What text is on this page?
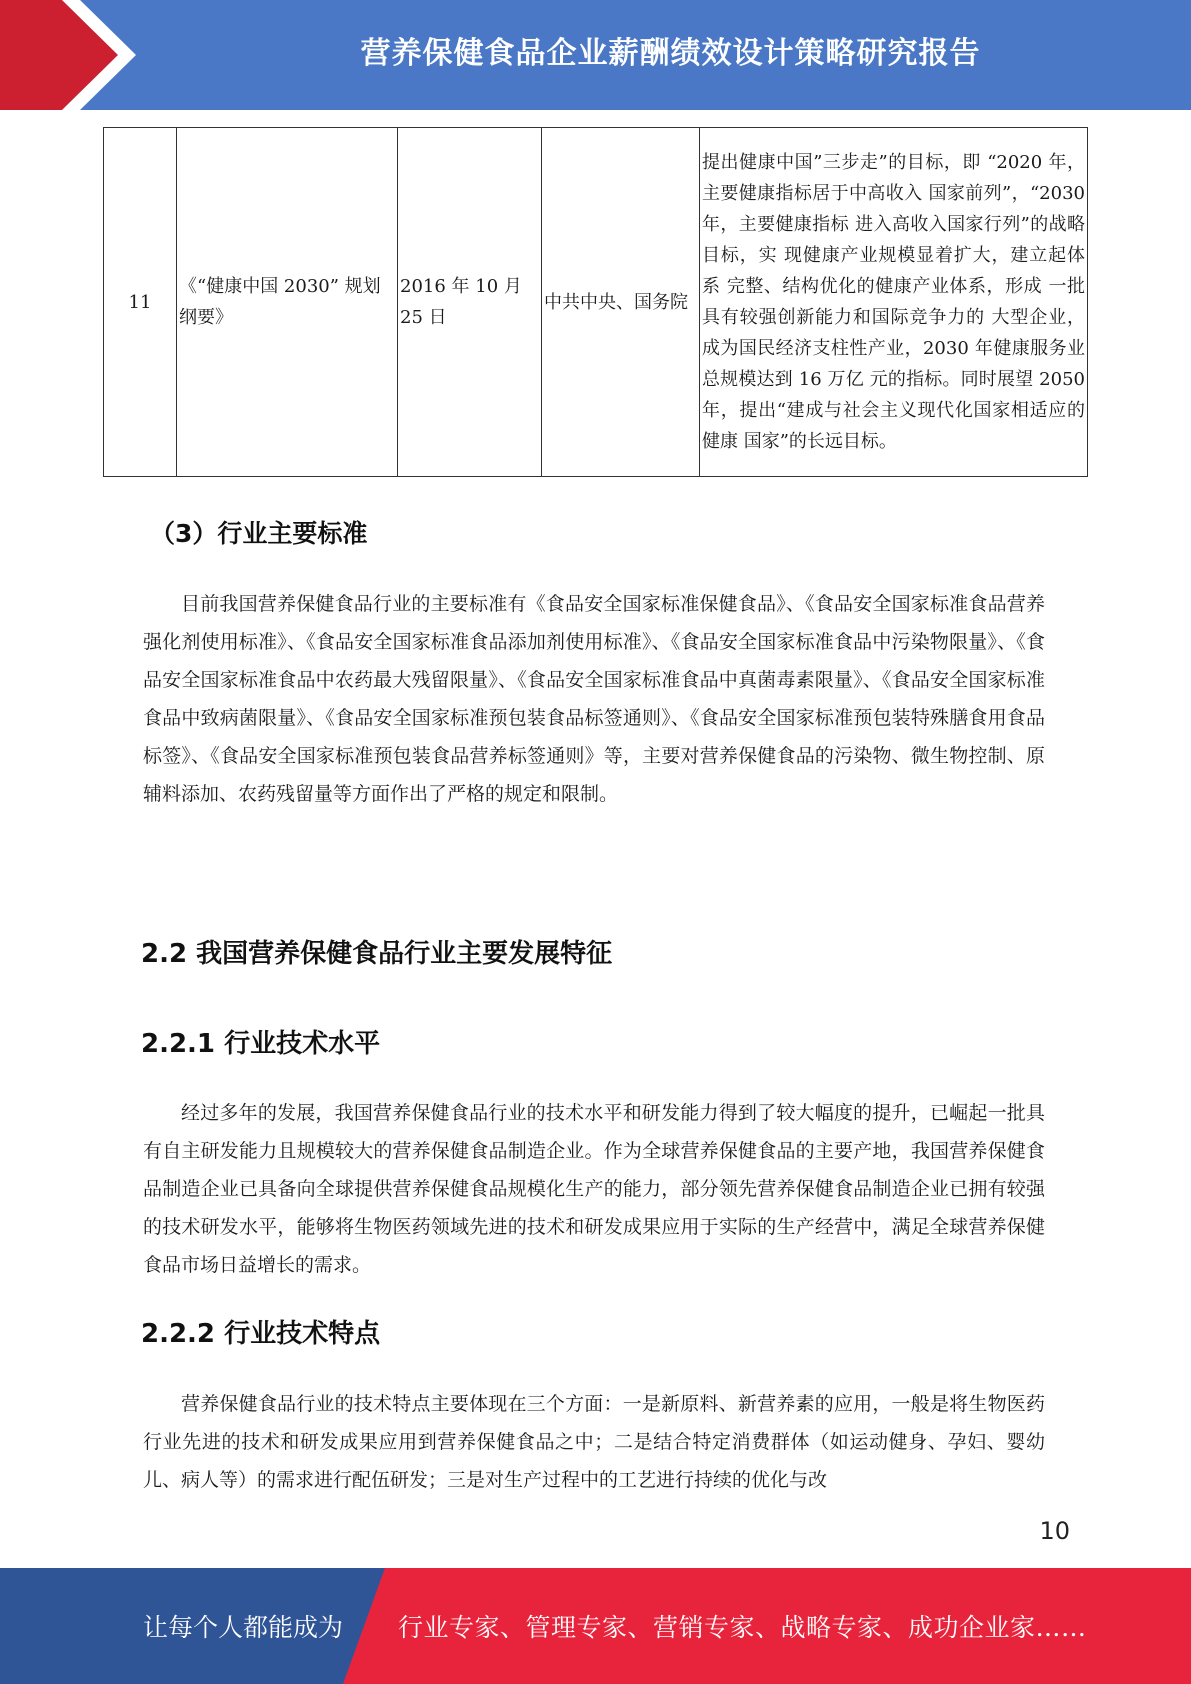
营养保健食品企业薪酬绩效设计策略研究报告
11	《“健康中国 2030” 规划纲要》	2016 年 10 月 25 日	中共中央、国务院	提出健康中国”三步走”的目标，即 “2020 年，主要健康指标居于中高收入 国家前列”，“2030 年，主要健康指标 进入高收入国家行列”的战略目标，实 现健康产业规模显着扩大，建立起体系 完整、结构优化的健康产业体系，形成 一批具有较强创新能力和国际竞争力的 大型企业，成为国民经济支柱性产业，2030 年健康服务业总规模达到 16 万亿 元的指标。同时展望 2050 年，提出“建成与社会主义现代化国家相适应的健康 国家”的长远目标。
（3）行业主要标准

目前我国营养保健食品行业的主要标准有《食品安全国家标准保健食品》、《食品安全国家标准食品营养强化剂使用标准》、《食品安全国家标准食品添加剂使用标准》、《食品安全国家标准食品中污染物限量》、《食品安全国家标准食品中农药最大残留限量》、《食品安全国家标准食品中真菌毒素限量》、《食品安全国家标准食品中致病菌限量》、《食品安全国家标准预包装食品标签通则》、《食品安全国家标准预包装特殊膳食用食品标签》、《食品安全国家标准预包装食品营养标签通则》等，主要对营养保健食品的污染物、微生物控制、原辅料添加、农药残留量等方面作出了严格的规定和限制。

2.2 我国营养保健食品行业主要发展特征
2.2.1 行业技术水平

经过多年的发展，我国营养保健食品行业的技术水平和研发能力得到了较大幅度的提升，已崛起一批具有自主研发能力且规模较大的营养保健食品制造企业。作为全球营养保健食品的主要产地，我国营养保健食品制造企业已具备向全球提供营养保健食品规模化生产的能力，部分领先营养保健食品制造企业已拥有较强的技术研发水平，能够将生物医药领域先进的技术和研发成果应用于实际的生产经营中，满足全球营养保健食品市场日益增长的需求。

2.2.2 行业技术特点

营养保健食品行业的技术特点主要体现在三个方面：一是新原料、新营养素的应用，一般是将生物医药行业先进的技术和研发成果应用到营养保健食品之中；二是结合特定消费群体（如运动健身、孕妇、婴幼儿、病人等）的需求进行配伍研发；三是对生产过程中的工艺进行持续的优化与改

10
让每个人都能成为 行业专家、管理专家、营销专家、战略专家、成功企业家……
